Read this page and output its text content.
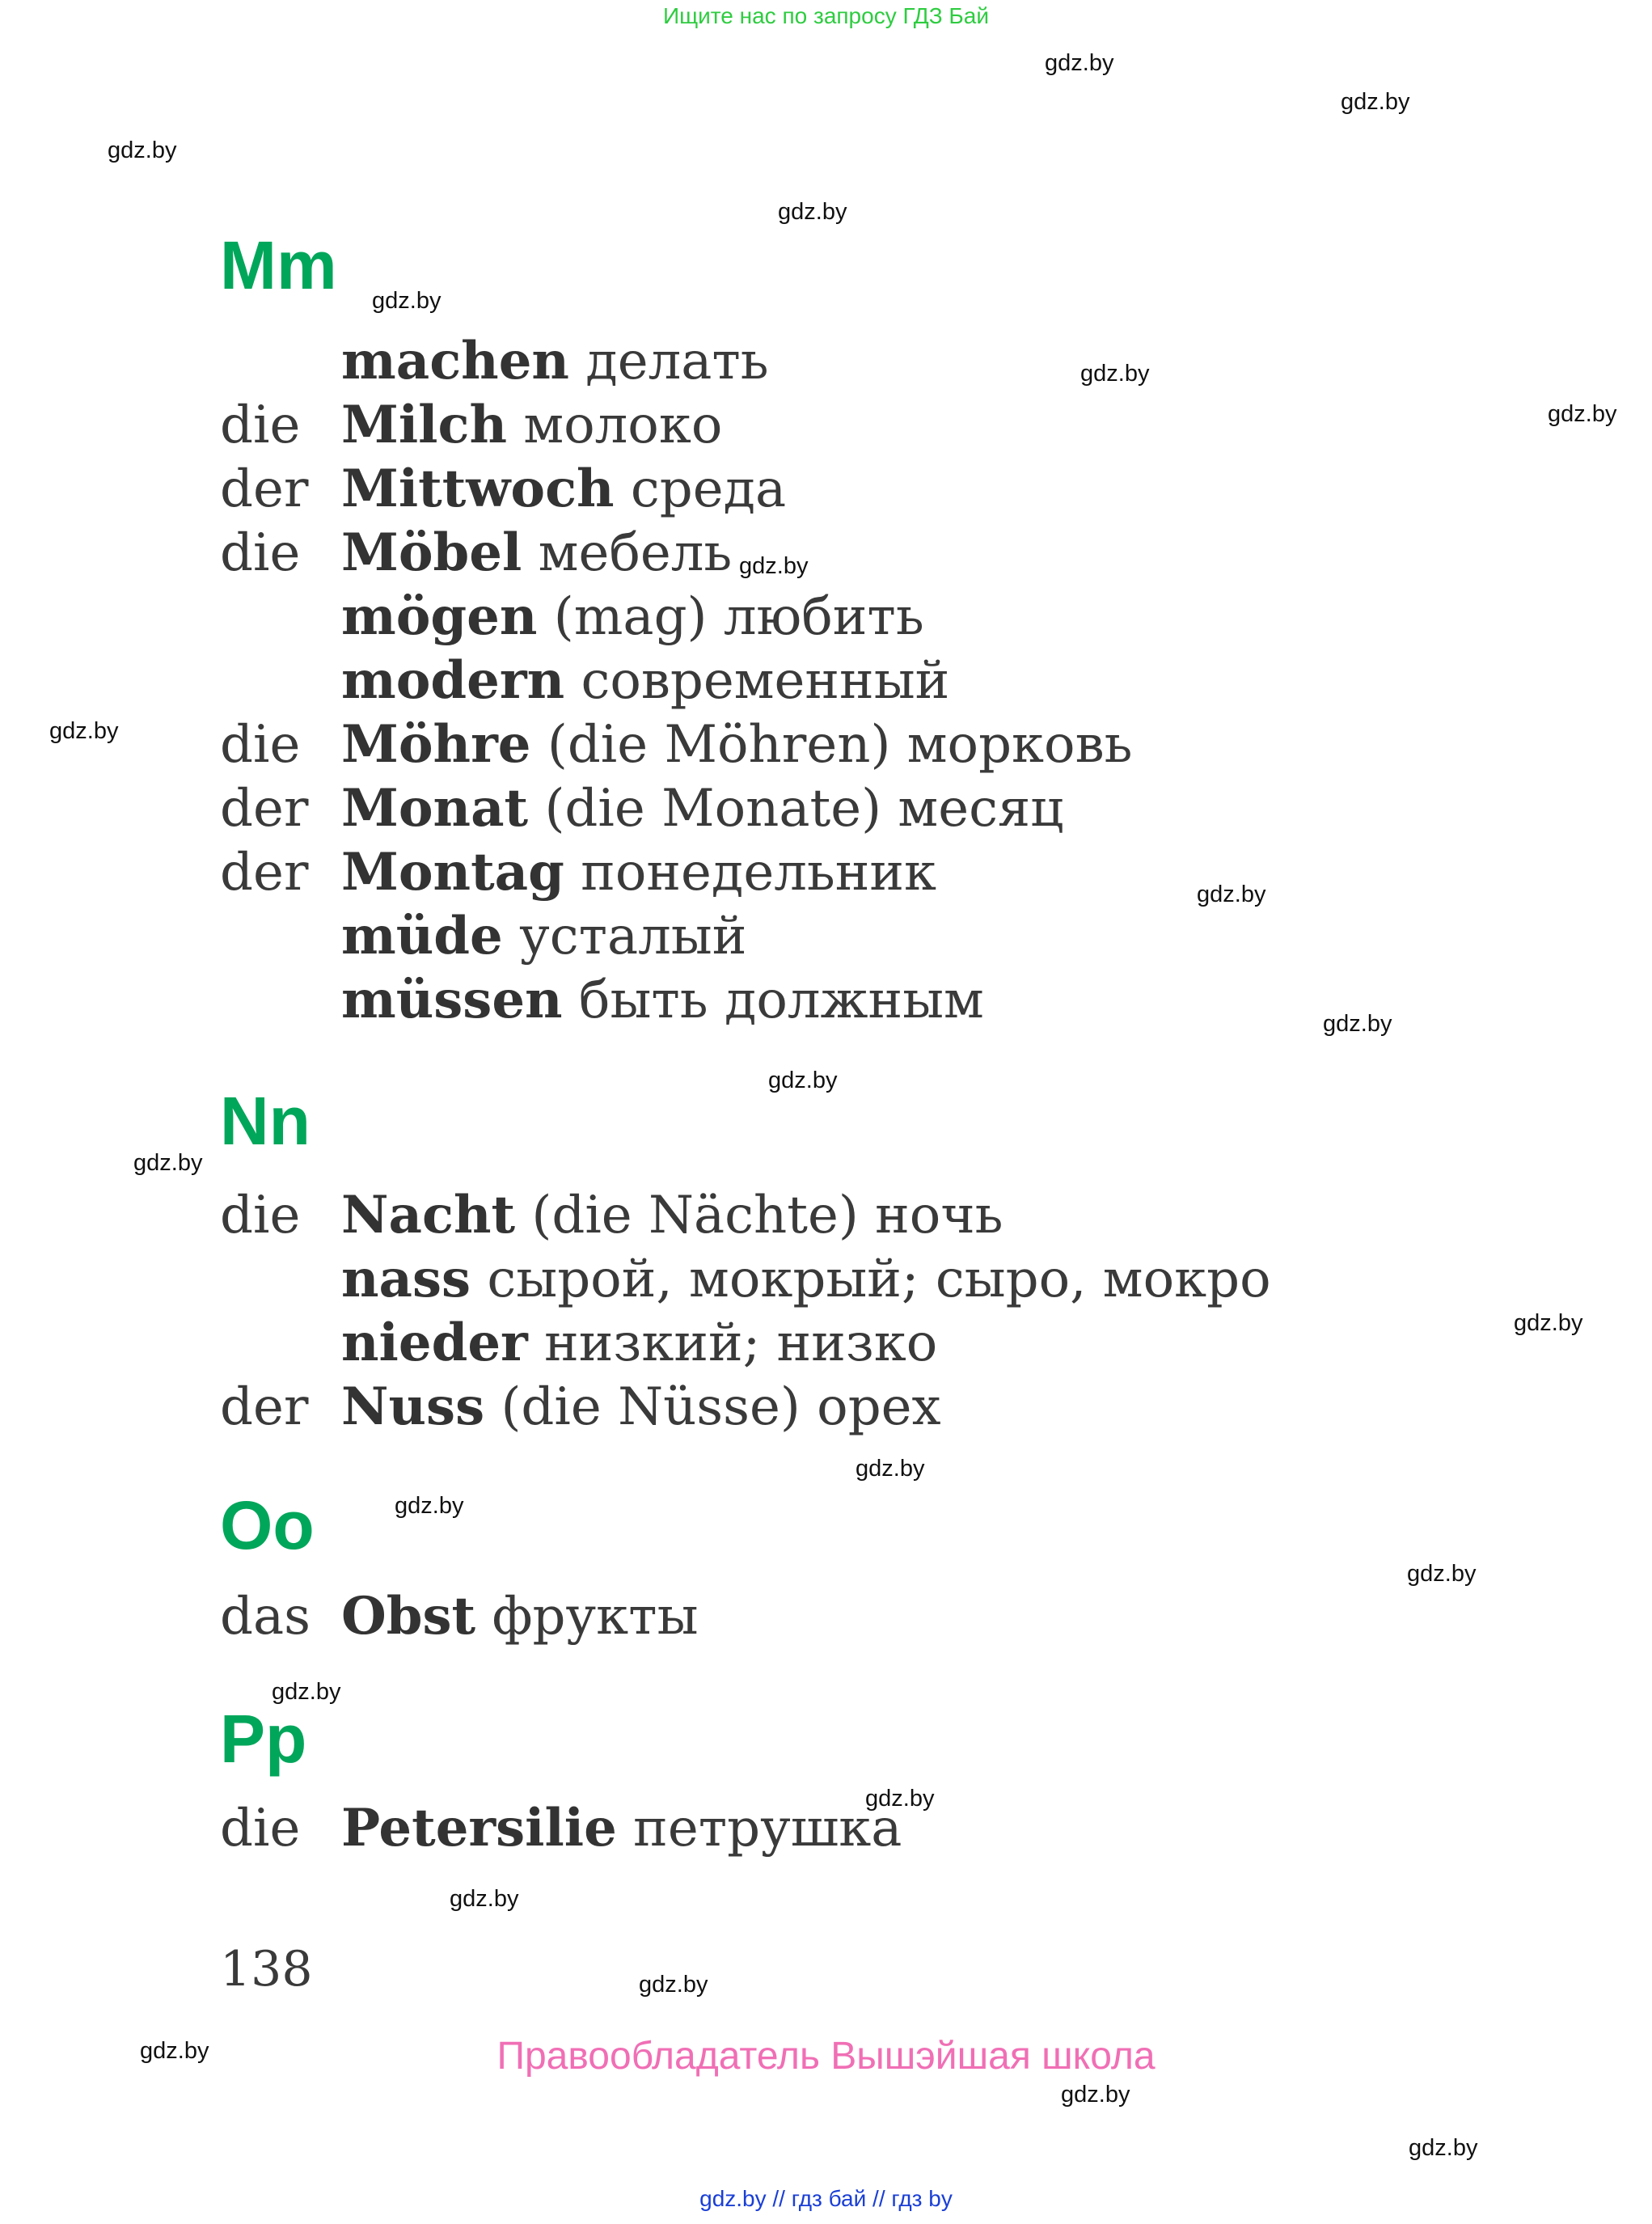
Ищите нас по запросу ГДЗ Бай
gdz.by
gdz.by
gdz.by
gdz.by
gdz.by
gdz.by
gdz.by
gdz.by
gdz.by
gdz.by
gdz.by
gdz.by
gdz.by
gdz.by
gdz.by
gdz.by
gdz.by
gdz.by
gdz.by
gdz.by
gdz.by
gdz.by
gdz.by
gdz.by
Mm
machen делать
die Milch молоко
der Mittwoch среда
die Möbel мебель
mögen (mag) любить
modern современный
die Möhre (die Möhren) морковь
der Monat (die Monate) месяц
der Montag понедельник
müde усталый
müssen быть должным
Nn
die Nacht (die Nächte) ночь
nass сырой, мокрый; сыро, мокро
nieder низкий; низко
der Nuss (die Nüsse) орех
Oo
das Obst фрукты
Pp
die Petersilie петрушка
138
Правообладатель Вышэйшая школа
gdz.by // гдз бай // гдз by
